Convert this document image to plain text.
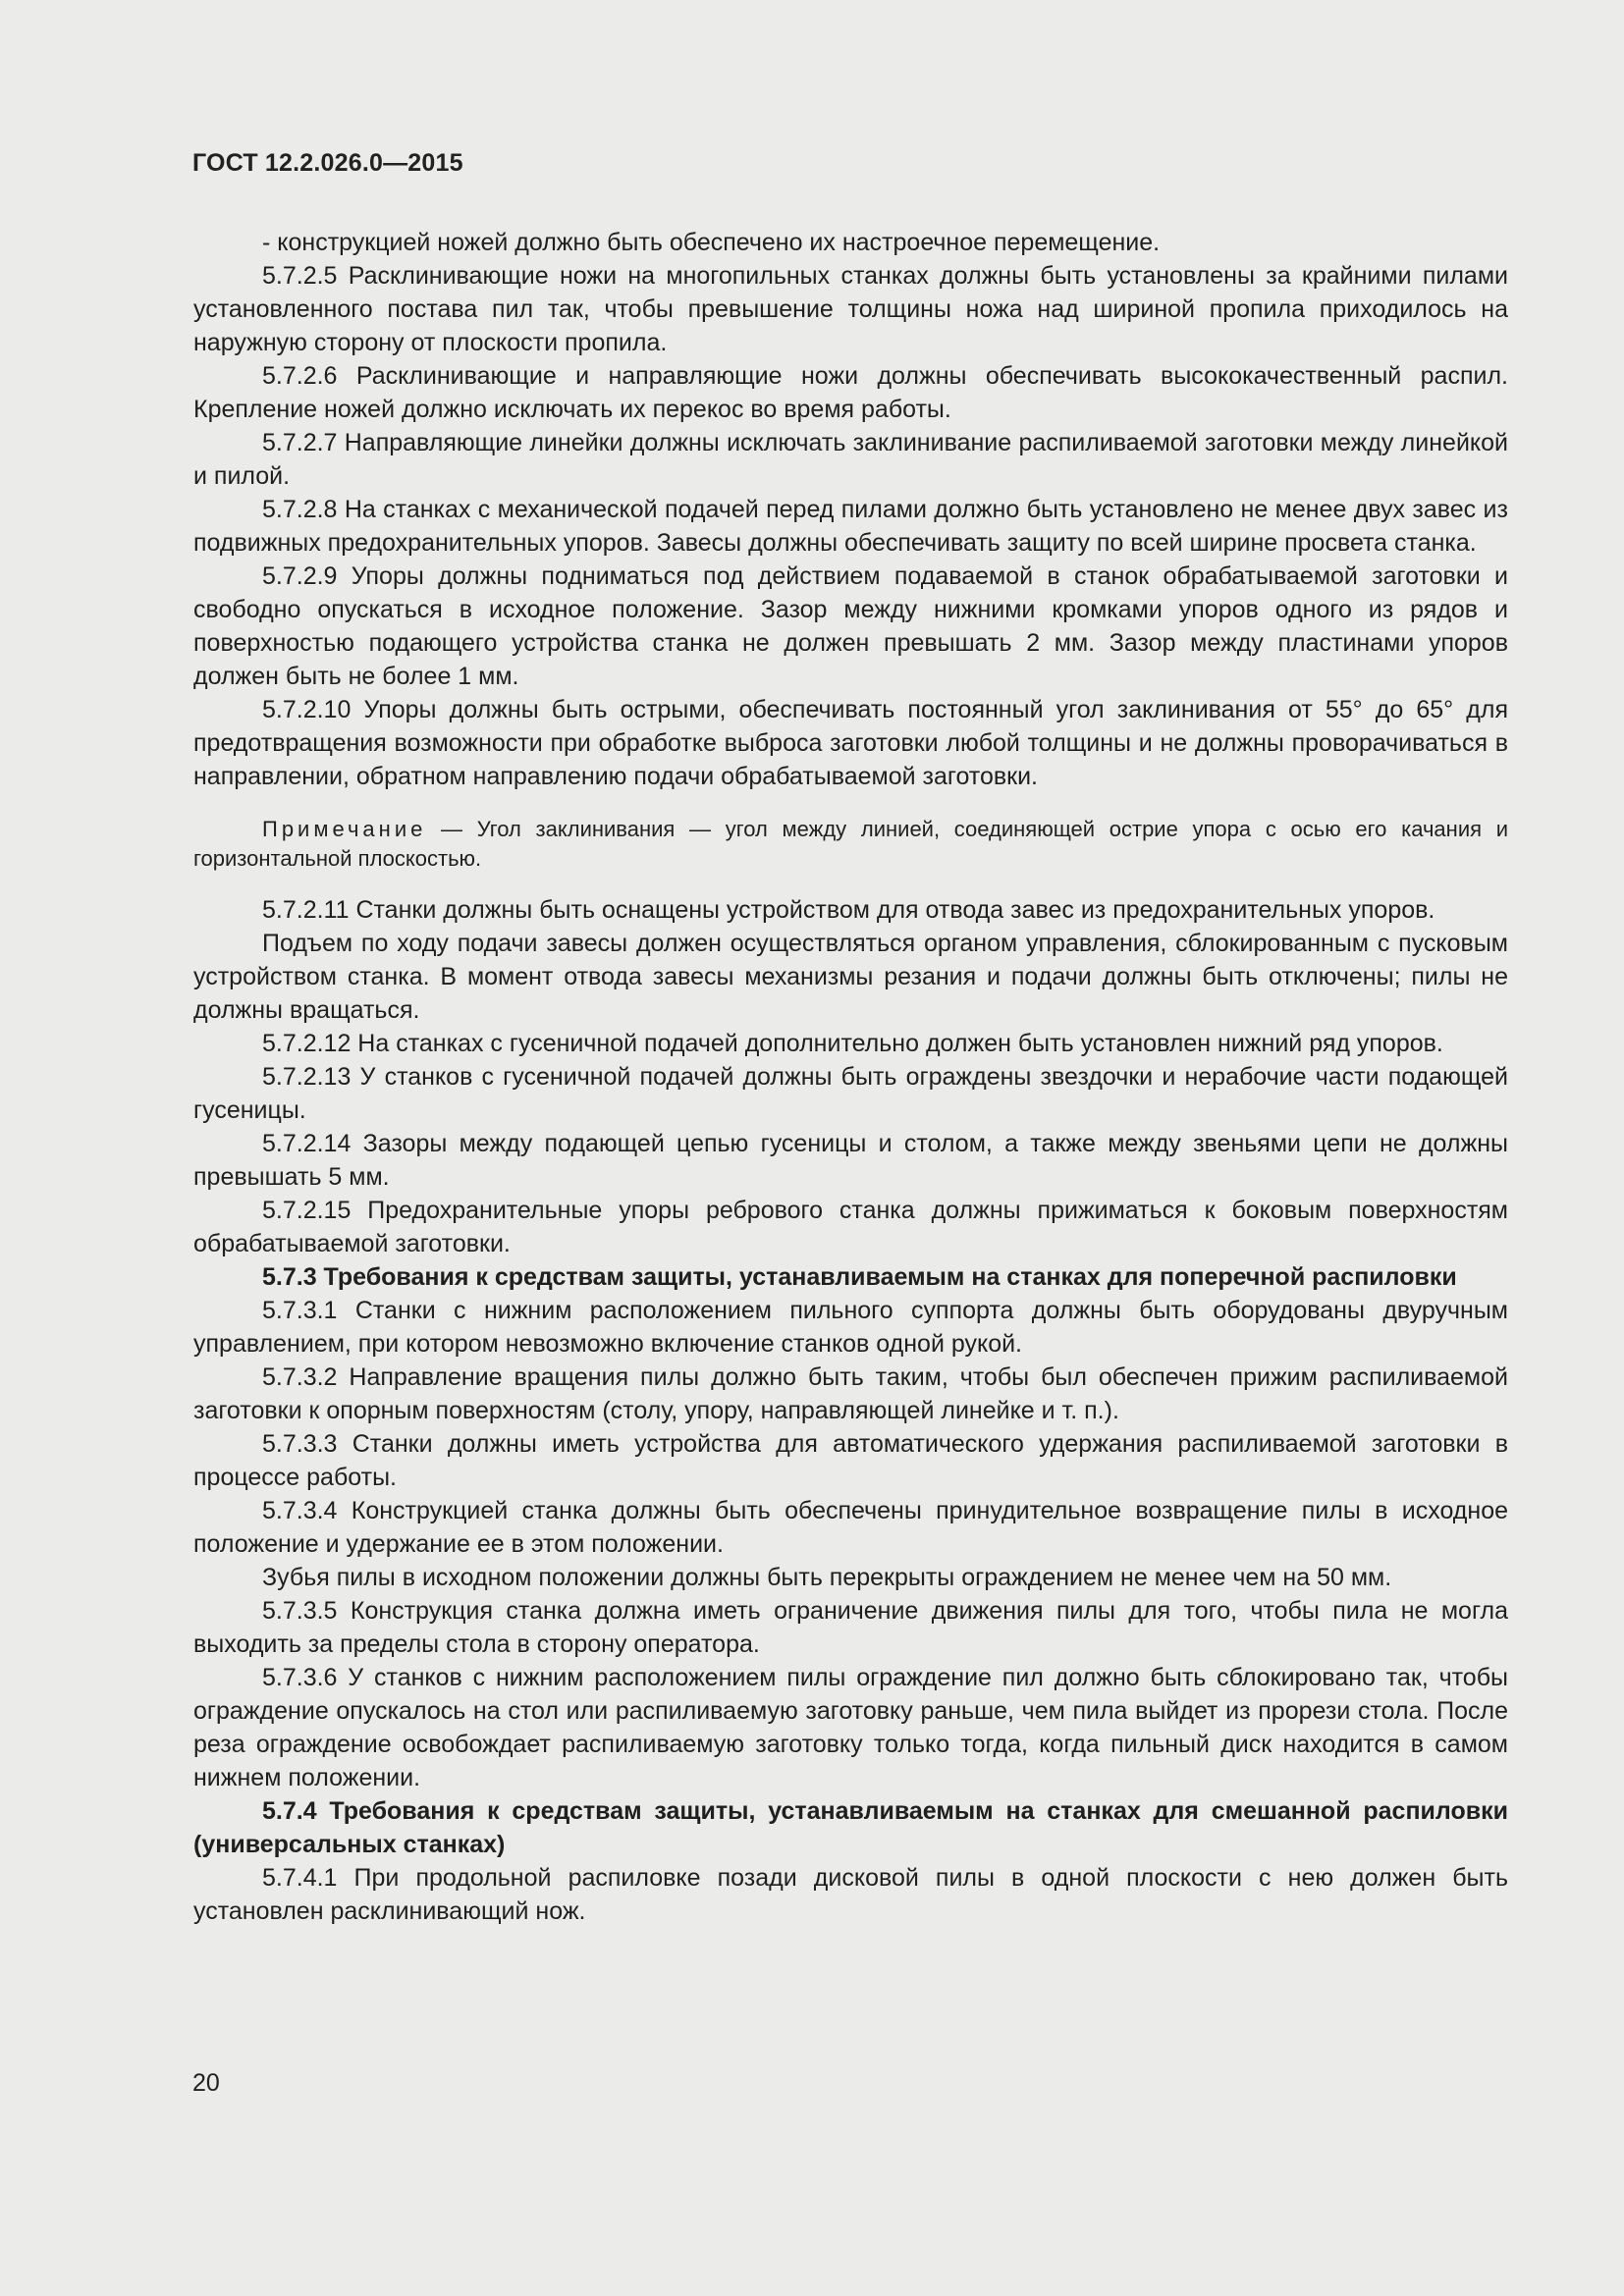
ГОСТ 12.2.026.0—2015

- конструкцией ножей должно быть обеспечено их настроечное перемещение.

5.7.2.5 Расклинивающие ножи на многопильных станках должны быть установлены за крайними пилами установленного постава пил так, чтобы превышение толщины ножа над шириной пропила приходилось на наружную сторону от плоскости пропила.

5.7.2.6 Расклинивающие и направляющие ножи должны обеспечивать высококачественный распил. Крепление ножей должно исключать их перекос во время работы.

5.7.2.7 Направляющие линейки должны исключать заклинивание распиливаемой заготовки между линейкой и пилой.

5.7.2.8 На станках с механической подачей перед пилами должно быть установлено не менее двух завес из подвижных предохранительных упоров. Завесы должны обеспечивать защиту по всей ширине просвета станка.

5.7.2.9 Упоры должны подниматься под действием подаваемой в станок обрабатываемой заготовки и свободно опускаться в исходное положение. Зазор между нижними кромками упоров одного из рядов и поверхностью подающего устройства станка не должен превышать 2 мм. Зазор между пластинами упоров должен быть не более 1 мм.

5.7.2.10 Упоры должны быть острыми, обеспечивать постоянный угол заклинивания от 55° до 65° для предотвращения возможности при обработке выброса заготовки любой толщины и не должны проворачиваться в направлении, обратном направлению подачи обрабатываемой заготовки.

Примечание — Угол заклинивания — угол между линией, соединяющей острие упора с осью его качания и горизонтальной плоскостью.

5.7.2.11 Станки должны быть оснащены устройством для отвода завес из предохранительных упоров.

Подъем по ходу подачи завесы должен осуществляться органом управления, сблокированным с пусковым устройством станка. В момент отвода завесы механизмы резания и подачи должны быть отключены; пилы не должны вращаться.

5.7.2.12 На станках с гусеничной подачей дополнительно должен быть установлен нижний ряд упоров.

5.7.2.13 У станков с гусеничной подачей должны быть ограждены звездочки и нерабочие части подающей гусеницы.

5.7.2.14 Зазоры между подающей цепью гусеницы и столом, а также между звеньями цепи не должны превышать 5 мм.

5.7.2.15 Предохранительные упоры ребрового станка должны прижиматься к боковым поверхностям обрабатываемой заготовки.

5.7.3 Требования к средствам защиты, устанавливаемым на станках для поперечной распиловки

5.7.3.1 Станки с нижним расположением пильного суппорта должны быть оборудованы двуручным управлением, при котором невозможно включение станков одной рукой.

5.7.3.2 Направление вращения пилы должно быть таким, чтобы был обеспечен прижим распиливаемой заготовки к опорным поверхностям (столу, упору, направляющей линейке и т. п.).

5.7.3.3 Станки должны иметь устройства для автоматического удержания распиливаемой заготовки в процессе работы.

5.7.3.4 Конструкцией станка должны быть обеспечены принудительное возвращение пилы в исходное положение и удержание ее в этом положении.

Зубья пилы в исходном положении должны быть перекрыты ограждением не менее чем на 50 мм.

5.7.3.5 Конструкция станка должна иметь ограничение движения пилы для того, чтобы пила не могла выходить за пределы стола в сторону оператора.

5.7.3.6 У станков с нижним расположением пилы ограждение пил должно быть сблокировано так, чтобы ограждение опускалось на стол или распиливаемую заготовку раньше, чем пила выйдет из прорези стола. После реза ограждение освобождает распиливаемую заготовку только тогда, когда пильный диск находится в самом нижнем положении.

5.7.4 Требования к средствам защиты, устанавливаемым на станках для смешанной распиловки (универсальных станках)

5.7.4.1 При продольной распиловке позади дисковой пилы в одной плоскости с нею должен быть установлен расклинивающий нож.

20
